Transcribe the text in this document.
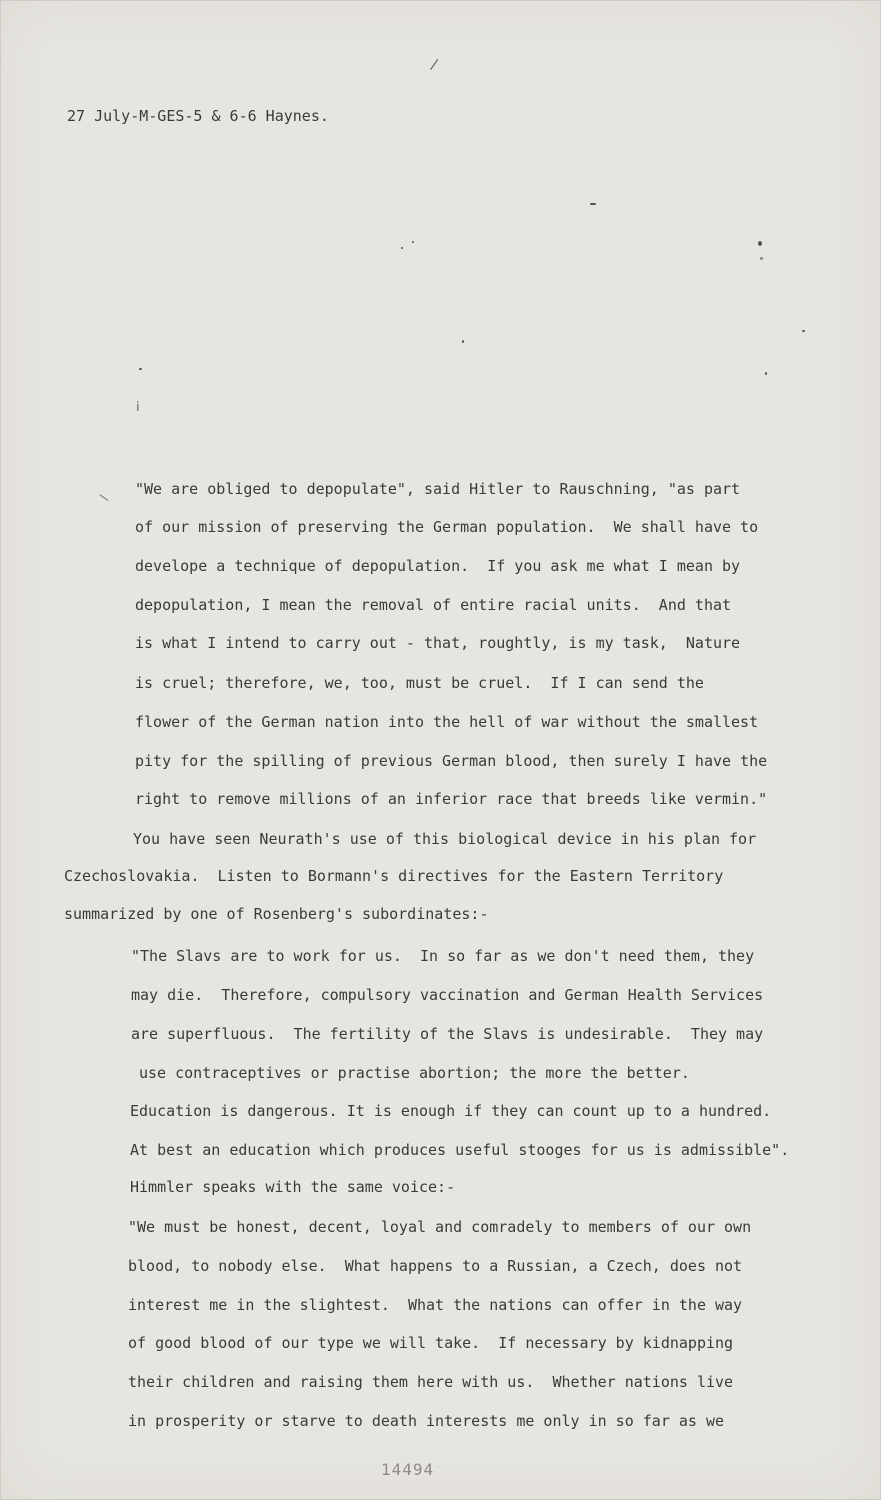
/
ⅰ
\
27 July-M-GES-5 & 6-6 Haynes.
"We are obliged to depopulate", said Hitler to Rauschning, "as part
of our mission of preserving the German population.  We shall have to
develope a technique of depopulation.  If you ask me what I mean by
depopulation, I mean the removal of entire racial units.  And that
is what I intend to carry out - that, roughtly, is my task,  Nature
is cruel; therefore, we, too, must be cruel.  If I can send the
flower of the German nation into the hell of war without the smallest
pity for the spilling of previous German blood, then surely I have the
right to remove millions of an inferior race that breeds like vermin."
You have seen Neurath's use of this biological device in his plan for
Czechoslovakia.  Listen to Bormann's directives for the Eastern Territory
summarized by one of Rosenberg's subordinates:-
"The Slavs are to work for us.  In so far as we don't need them, they
may die.  Therefore, compulsory vaccination and German Health Services
are superfluous.  The fertility of the Slavs is undesirable.  They may
use contraceptives or practise abortion; the more the better.
Education is dangerous. It is enough if they can count up to a hundred.
At best an education which produces useful stooges for us is admissible".
Himmler speaks with the same voice:-
"We must be honest, decent, loyal and comradely to members of our own
blood, to nobody else.  What happens to a Russian, a Czech, does not
interest me in the slightest.  What the nations can offer in the way
of good blood of our type we will take.  If necessary by kidnapping
their children and raising them here with us.  Whether nations live
in prosperity or starve to death interests me only in so far as we
14494
